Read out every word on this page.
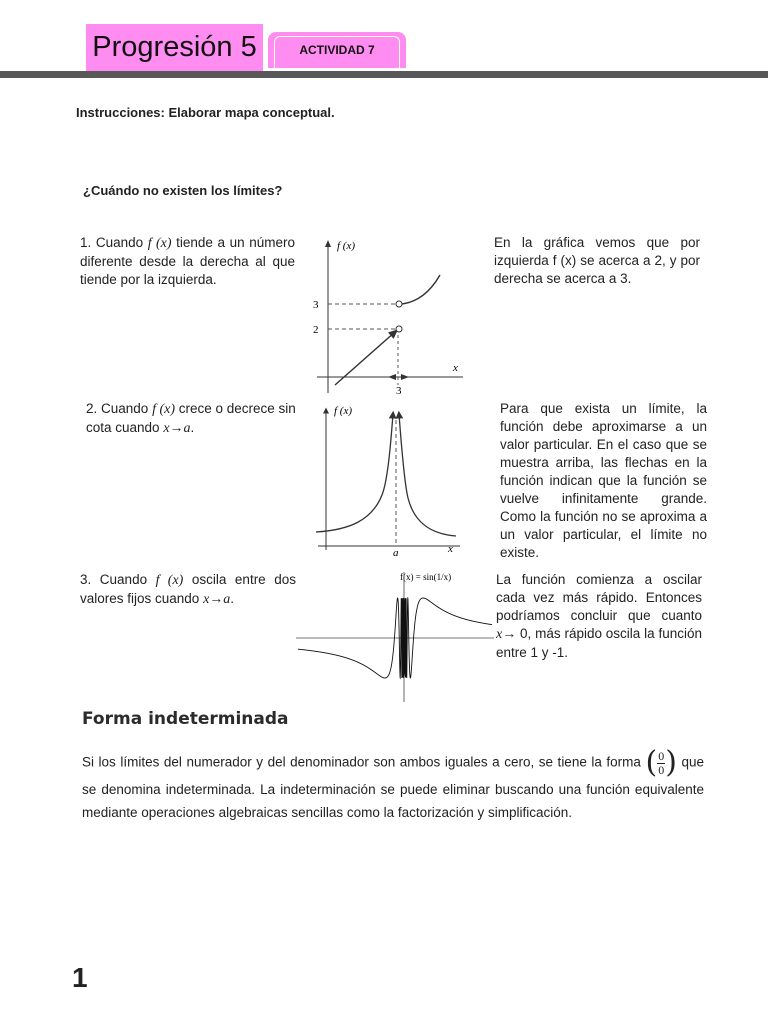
Progresión 5	ACTIVIDAD 7
Instrucciones: Elaborar mapa conceptual.
¿Cuándo no existen los límites?
1. Cuando f (x) tiende a un número diferente desde la derecha al que tiende por la izquierda.
En la gráfica vemos que por izquierda f (x) se acerca a 2, y por derecha se acerca a 3.
f (x)
x
3
2
3
2. Cuando f (x) crece o decrece sin cota cuando x→a.
Para que exista un límite, la función debe aproximarse a un valor particular. En el caso que se muestra arriba, las flechas en la función indican que la función se vuelve infinitamente grande. Como la función no se aproxima a un valor particular, el límite no existe.
f (x)
x
a
3. Cuando f (x) oscila entre dos valores fijos cuando x→a.
La función comienza a oscilar cada vez más rápido. Entonces podríamos concluir que cuanto x→ 0, más rápido oscila la función entre 1 y -1.
f(x) = sin(1/x)
Forma indeterminada
Si los límites del numerador y del denominador son ambos iguales a cero, se tiene la forma ( $\frac{0}{0}$ ) que se denomina indeterminada. La indeterminación se puede eliminar buscando una función equivalente mediante operaciones algebraicas sencillas como la factorización y simplificación.
1
